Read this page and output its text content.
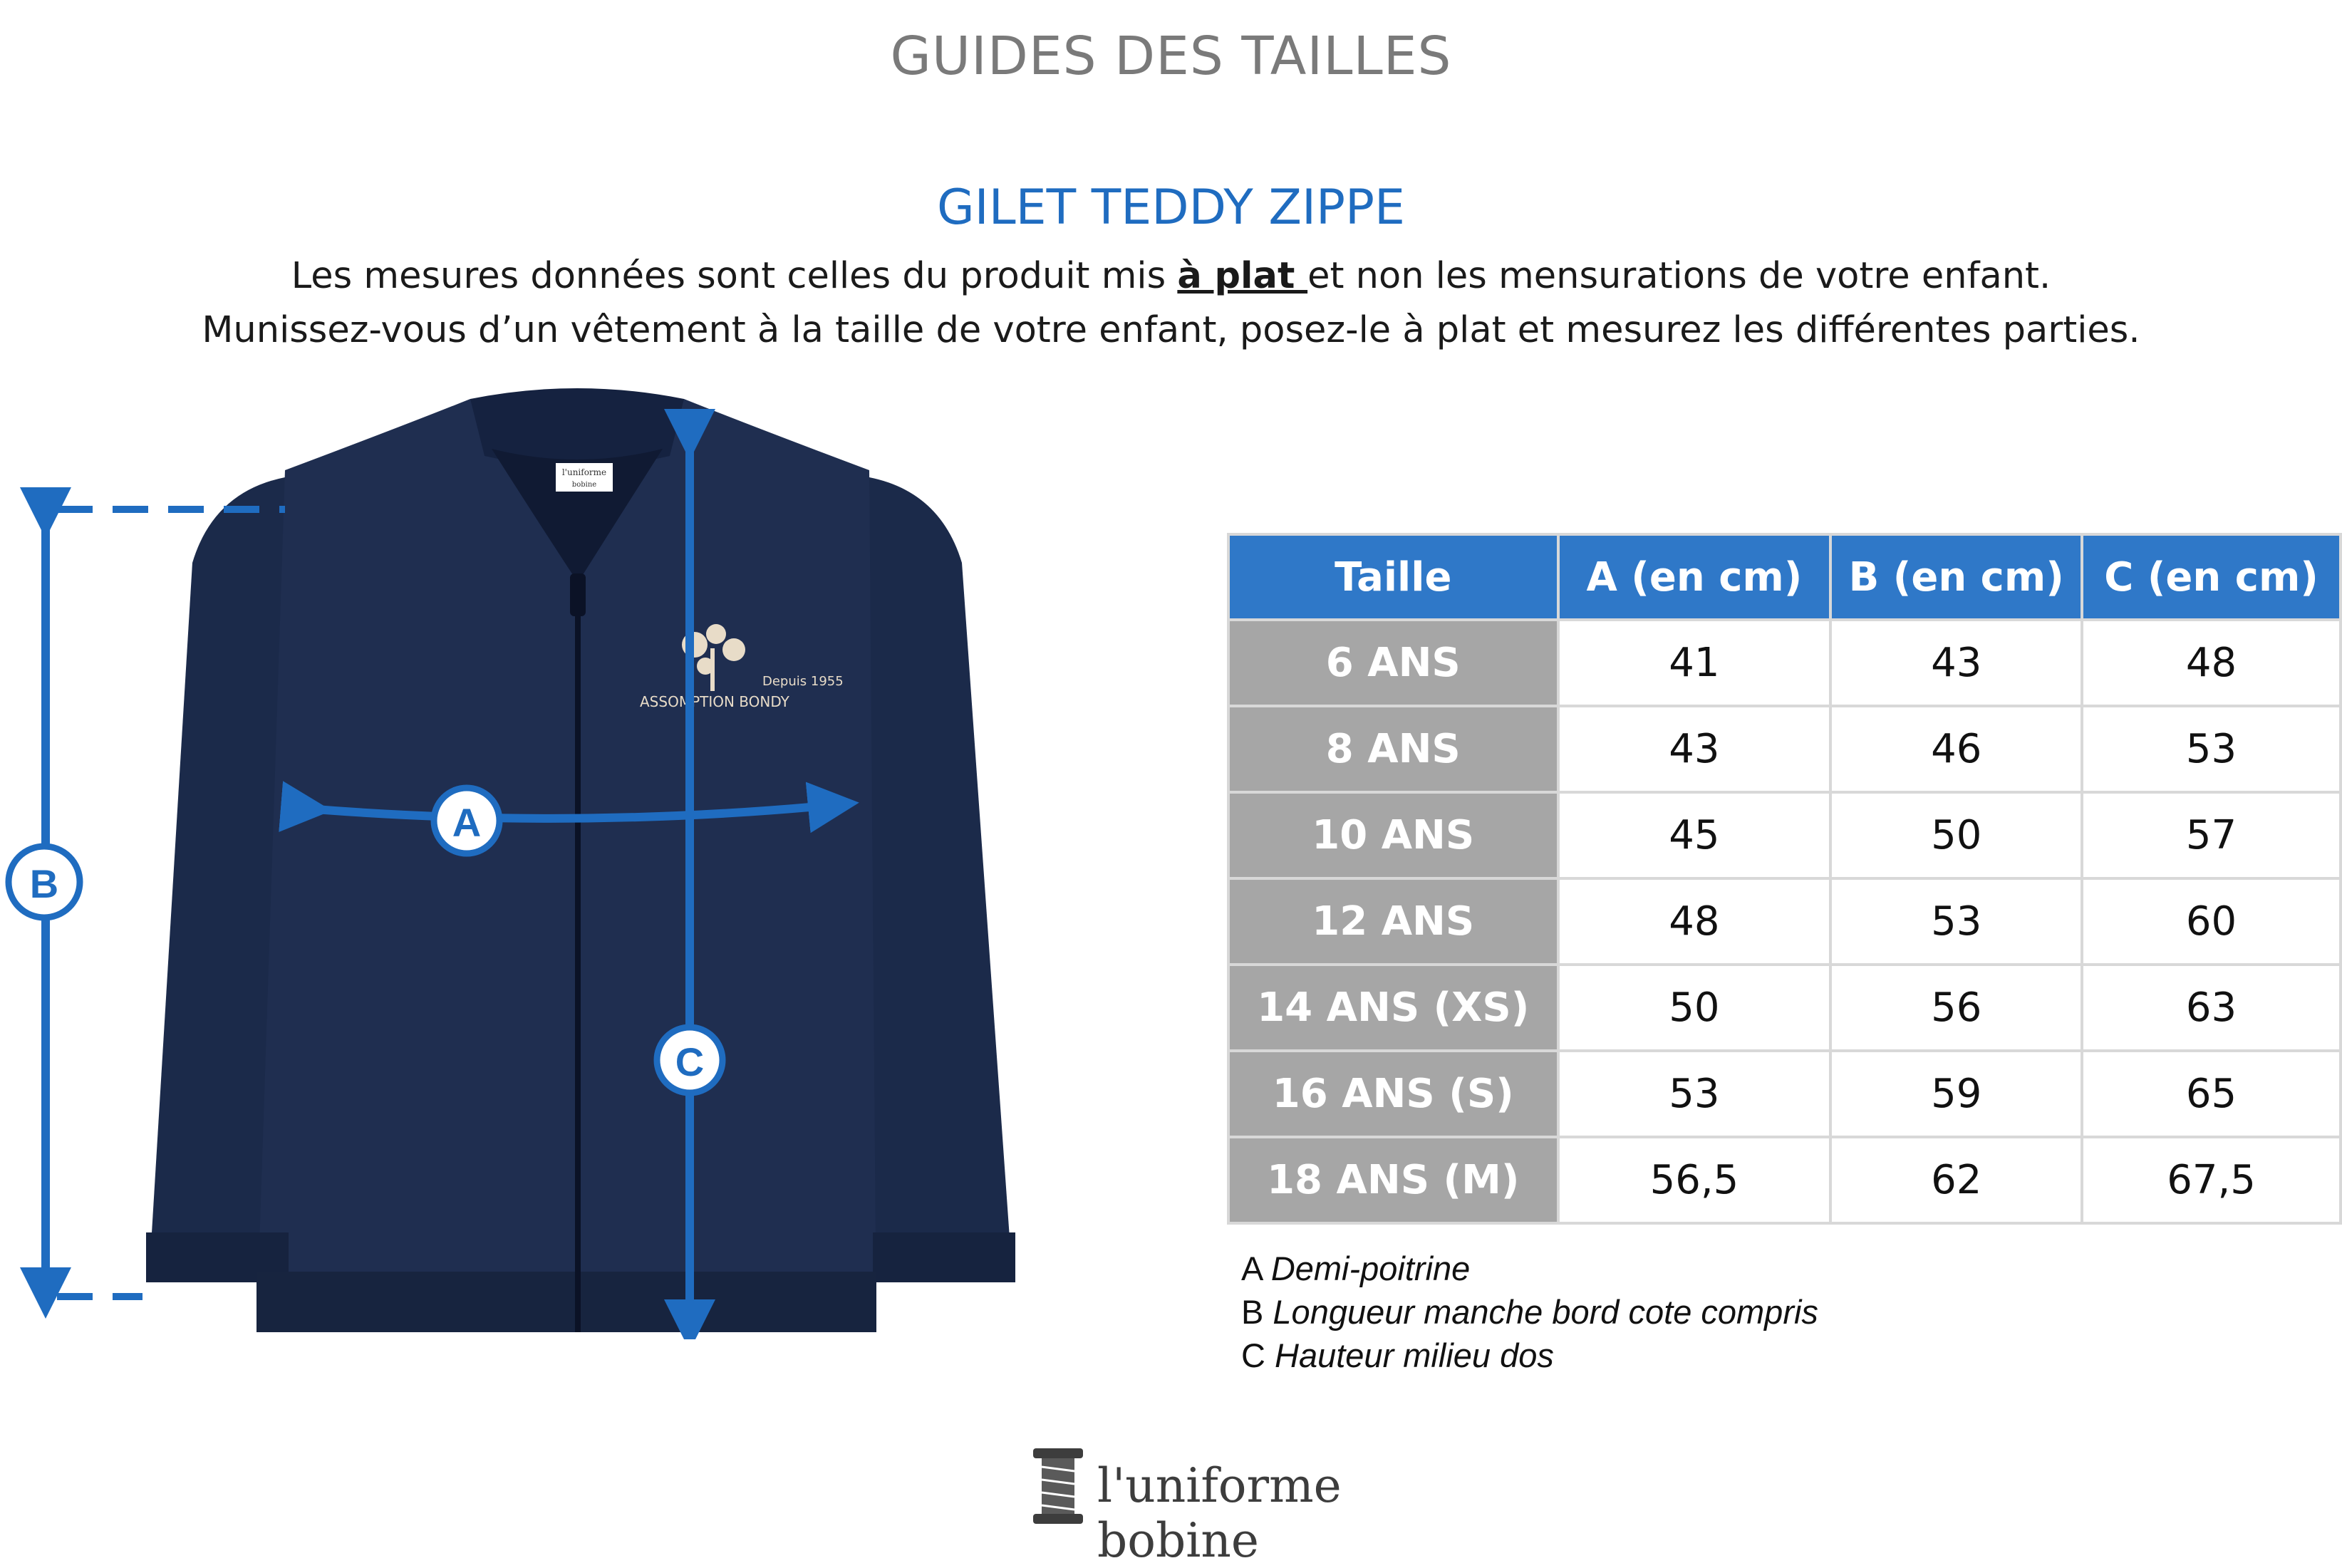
GUIDES DES TAILLES
GILET TEDDY ZIPPE
Les mesures données sont celles du produit mis à plat et non les mensurations de votre enfant.
Munissez-vous d’un vêtement à la taille de votre enfant, posez-le à plat et mesurez les différentes parties.
l'uniforme
bobine
Depuis 1955
ASSOMPTION BONDY
A
B
C
Taille	A (en cm)	B (en cm)	C (en cm)
6 ANS	41	43	48
8 ANS	43	46	53
10 ANS	45	50	57
12 ANS	48	53	60
14 ANS (XS)	50	56	63
16 ANS (S)	53	59	65
18 ANS (M)	56,5	62	67,5
A Demi-poitrine
B Longueur manche bord cote compris
C Hauteur milieu dos
l'uniforme bobine
